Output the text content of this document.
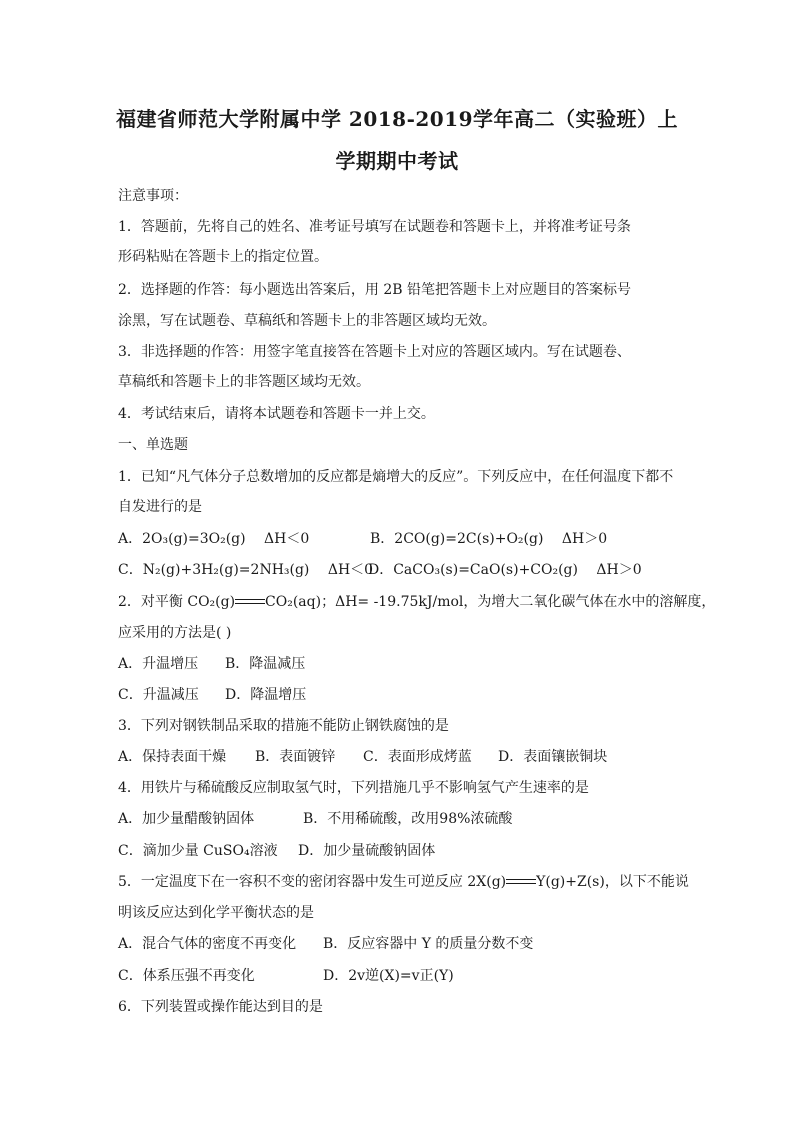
福建省师范大学附属中学 2018-2019学年高二（实验班）上
学期期中考试
注意事项：
1．答题前，先将自己的姓名、准考证号填写在试题卷和答题卡上，并将准考证号条
形码粘贴在答题卡上的指定位置。
2．选择题的作答：每小题选出答案后，用 2B 铅笔把答题卡上对应题目的答案标号
涂黑，写在试题卷、草稿纸和答题卡上的非答题区域均无效。
3．非选择题的作答：用签字笔直接答在答题卡上对应的答题区域内。写在试题卷、
草稿纸和答题卡上的非答题区域均无效。
4．考试结束后，请将本试题卷和答题卡一并上交。
一、单选题
1．已知“凡气体分子总数增加的反应都是熵增大的反应”。下列反应中，在任何温度下都不
自发进行的是
A．2O₃(g)=3O₂(g)　 ΔH＜0	B．2CO(g)=2C(s)+O₂(g)　 ΔH＞0
C．N₂(g)+3H₂(g)=2NH₃(g)　 ΔH＜0
D．CaCO₃(s)=CaO(s)+CO₂(g)　 ΔH＞0
2．对平衡 CO₂(g) CO₂(aq)；ΔH= -19.75kJ/mol，为增大二氧化碳气体在水中的溶解度，
应采用的方法是( )
A．升温增压 B．降温减压
C．升温减压 D．降温增压
3．下列对钢铁制品采取的措施不能防止钢铁腐蚀的是
A．保持表面干燥 B．表面镀锌 C．表面形成烤蓝 D．表面镶嵌铜块
4．用铁片与稀硫酸反应制取氢气时，下列措施几乎不影响氢气产生速率的是
A．加少量醋酸钠固体	B．不用稀硫酸，改用98%浓硫酸
C．滴加少量 CuSO₄溶液 D．加少量硫酸钠固体
5．一定温度下在一容积不变的密闭容器中发生可逆反应 2X(g) Y(g)+Z(s)，以下不能说
明该反应达到化学平衡状态的是
A．混合气体的密度不再变化 B．反应容器中 Y 的质量分数不变
C．体系压强不再变化	D．2v逆(X)=v正(Y)
6．下列装置或操作能达到目的是
